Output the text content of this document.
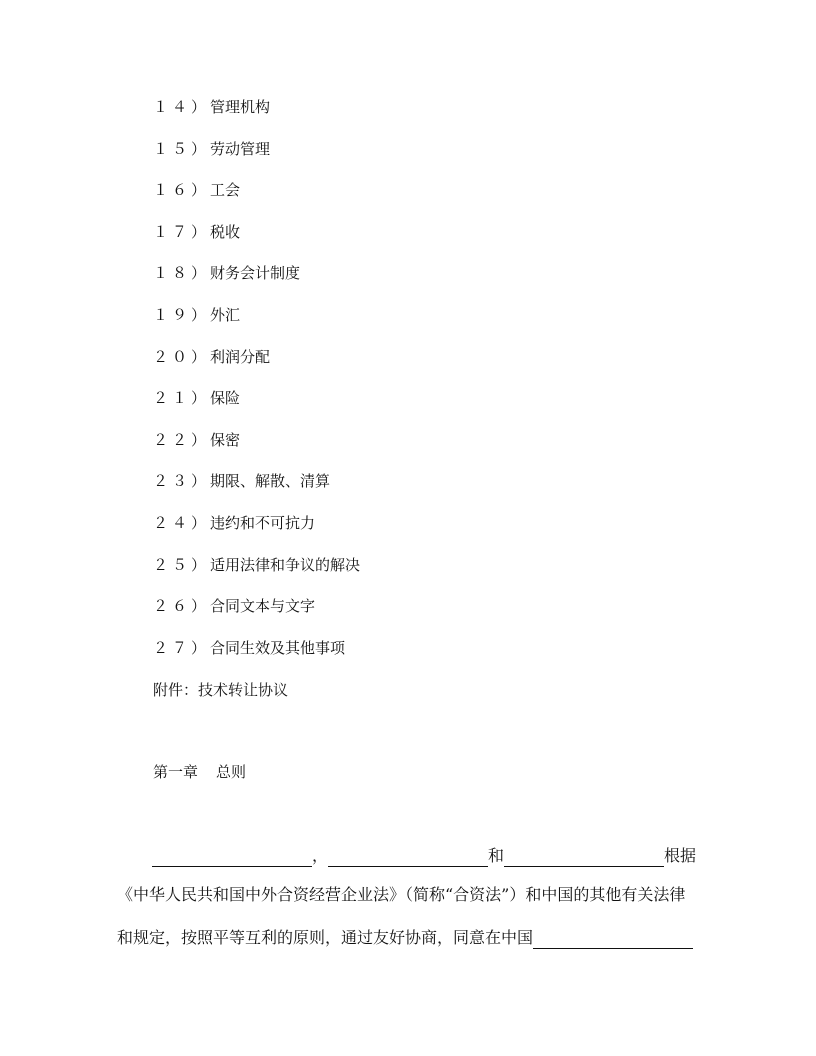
１４）管理机构
１５）劳动管理
１６）工会
１７）税收
１８）财务会计制度
１９）外汇
２０）利润分配
２１）保险
２２）保密
２３）期限、解散、清算
２４）违约和不可抗力
２５）适用法律和争议的解决
２６）合同文本与文字
２７）合同生效及其他事项
附件：技术转让协议
第一章 总则
，	和	根据
《中华人民共和国中外合资经营企业法》（简称“合资法”）和中国的其他有关法律
和规定，按照平等互利的原则，通过友好协商，同意在中国
